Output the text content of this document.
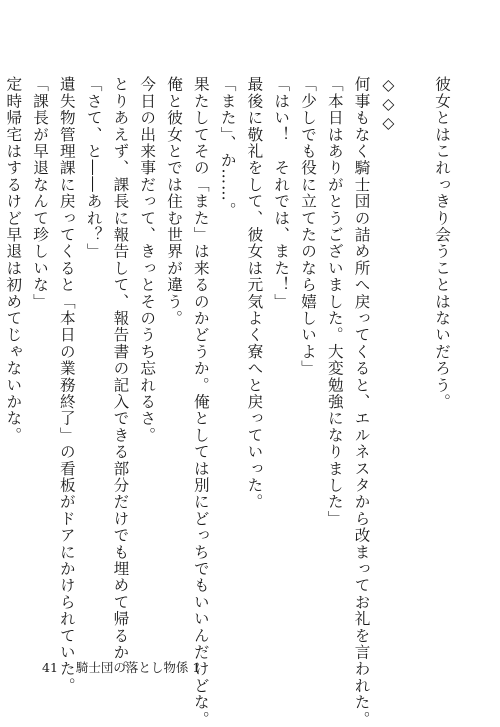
彼女とはこれっきり会うことはないだろう。
◇◇◇
何事もなく騎士団の詰め所へ戻ってくると、エルネスタから改まってお礼を言われた。
「本日はありがとうございました。大変勉強になりました」
「少しでも役に立てたのなら嬉しいよ」
「はい！　それでは、また！」
最後に敬礼をして、彼女は元気よく寮へと戻っていった。
「また」、か……。
果たしてその「また」は来るのかどうか。俺としては別にどっちでもいいんだけどな。
俺と彼女とでは住む世界が違う。
今日の出来事だって、きっとそのうち忘れるさ。
とりあえず、課長に報告して、報告書の記入できる部分だけでも埋めて帰るか。
「さて、と――あれ？」
遺失物管理課に戻ってくると「本日の業務終了」の看板がドアにかけられていた。
「課長が早退なんて珍しいな」
定時帰宅はするけど早退は初めてじゃないかな。
41 騎士団の落とし物係 1
